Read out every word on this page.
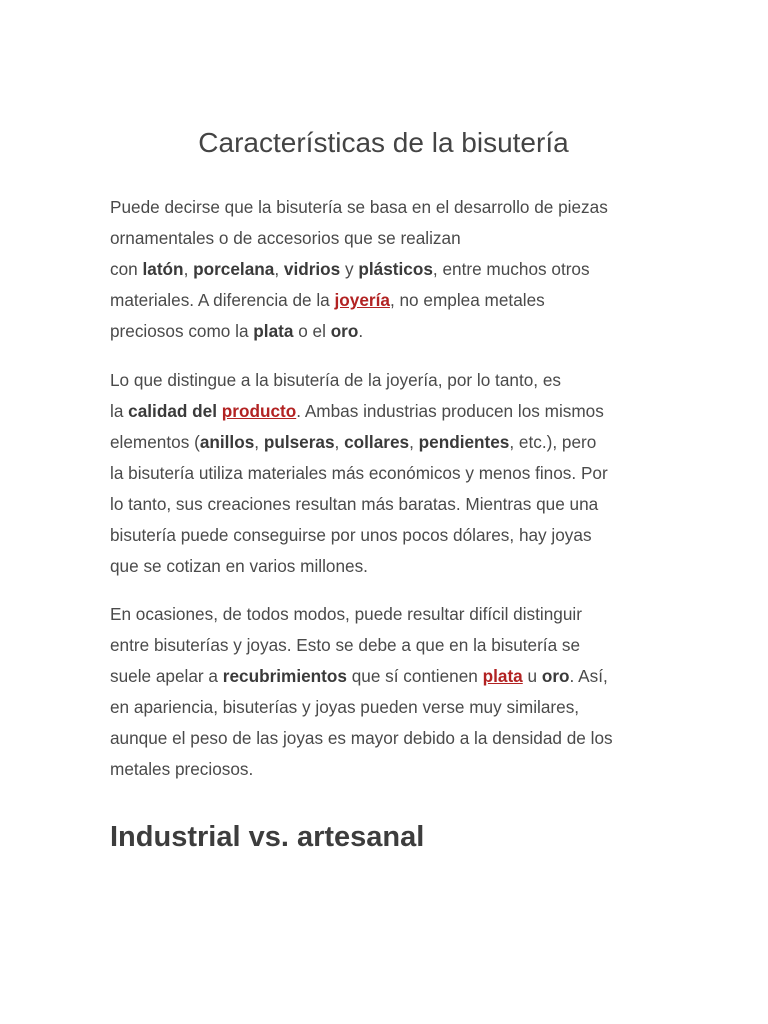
Características de la bisutería

Puede decirse que la bisutería se basa en el desarrollo de piezas
ornamentales o de accesorios que se realizan
con latón, porcelana, vidrios y plásticos, entre muchos otros
materiales. A diferencia de la joyería, no emplea metales
preciosos como la plata o el oro.

Lo que distingue a la bisutería de la joyería, por lo tanto, es
la calidad del producto. Ambas industrias producen los mismos
elementos (anillos, pulseras, collares, pendientes, etc.), pero
la bisutería utiliza materiales más económicos y menos finos. Por
lo tanto, sus creaciones resultan más baratas. Mientras que una
bisutería puede conseguirse por unos pocos dólares, hay joyas
que se cotizan en varios millones.

En ocasiones, de todos modos, puede resultar difícil distinguir
entre bisuterías y joyas. Esto se debe a que en la bisutería se
suele apelar a recubrimientos que sí contienen plata u oro. Así,
en apariencia, bisuterías y joyas pueden verse muy similares,
aunque el peso de las joyas es mayor debido a la densidad de los
metales preciosos.

Industrial vs. artesanal
